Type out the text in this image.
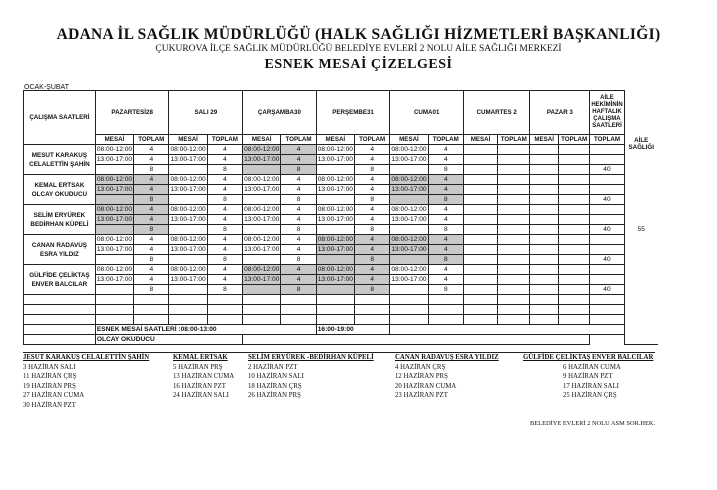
ADANA İL SAĞLIK MÜDÜRLÜĞÜ (HALK SAĞLIĞI HİZMETLERİ BAŞKANLIĞI)
ÇUKUROVA İLÇE SAĞLIK MÜDÜRLÜĞÜ BELEDİYE EVLERİ 2 NOLU AİLE SAĞLIĞI MERKEZİ
ESNEK MESAİ ÇİZELGESİ
OCAK-ŞUBAT
ÇALIŞMA SAATLERİ	PAZARTESİ28		SALI 29		ÇARŞAMBA30		PERŞEMBE31		CUMA01		CUMARTES 2		PAZAR 3		AİLE HEKİMİNİN HAFTALIK ÇALIŞMA SAATLERİ	AİLE SAĞLIĞI
55

	MESAİ	TOPLAM	MESAİ	TOPLAM	MESAİ	TOPLAM	MESAİ	TOPLAM	MESAİ	TOPLAM	MESAİ	TOPLAM	MESAİ	TOPLAM	TOPLAM	
MESUT KARAKUŞ CELALETTİN ŞAHİN	08:00-12:00	4	08:00-12:00	4	08:00-12:00	4	08:00-12:00	4	08:00-12:00	4						
	13:00-17:00	4	13:00-17:00	4	13:00-17:00	4	13:00-17:00	4	13:00-17:00	4						
		8		8		8		8		8					40	
KEMAL ERTSAK OLCAY OKUDUCU	08:00-12:00	4	08:00-12:00	4	08:00-12:00	4	08:00-12:00	4	08:00-12:00	4						
	13:00-17:00	4	13:00-17:00	4	13:00-17:00	4	13:00-17:00	4	13:00-17:00	4						
		8		8		8		8		8					40	
SELİM ERYÜREK BEDİRHAN KÜPELİ	08:00-12:00	4	08:00-12:00	4	08:00-12:00	4	08:00-12:00	4	08:00-12:00	4						
	13:00-17:00	4	13:00-17:00	4	13:00-17:00	4	13:00-17:00	4	13:00-17:00	4						
		8		8		8		8		8					40	
CANAN RADAVUŞ ESRA YILDIZ	08:00-12:00	4	08:00-12:00	4	08:00-12:00	4	08:00-12:00	4	08:00-12:00	4						
	13:00-17:00	4	13:00-17:00	4	13:00-17:00	4	13:00-17:00	4	13:00-17:00	4						
		8		8		8		8		8					40	
GÜLFİDE ÇELİKTAŞ ENVER BALCILAR	08:00-12:00	4	08:00-12:00	4	08:00-12:00	4	08:00-12:00	4	08:00-12:00	4						
	13:00-17:00	4	13:00-17:00	4	13:00-17:00	4	13:00-17:00	4	13:00-17:00	4						
		8		8		8		8		8					40	

	ESNEK MESAİ SAATLERİ :08:00-13:00						16:00-19:00									
	OLCAY OKUDUCU															
JESUT KARAKUŞ CELALETTİN ŞAHİN
3 HAZİRAN SALI
11 HAZİRAN ÇRŞ
19 HAZİRAN PRŞ
27 HAZİRAN CUMA
30 HAZİRAN PZT
KEMAL ERTSAK
5 HAZİRAN PRŞ
13 HAZİRAN CUMA
16 HAZİRAN PZT
24 HAZİRAN SALI
SELİM ERYÜREK -BEDİRHAN KÜPELİ
2 HAZİRAN PZT
10 HAZİRAN SALI
18 HAZİRAN ÇRŞ
26 HAZİRAN PRŞ
CANAN RADAVUŞ ESRA YILDIZ
4 HAZİRAN ÇRŞ
12 HAZİRAN PRŞ
20 HAZİRAN CUMA
23 HAZİRAN PZT
GÜLFİDE ÇELİKTAŞ ENVER BALCILAR
6 HAZİRAN CUMA
9 HAZİRAN PZT
17 HAZİRAN SALI
25 HAZİRAN ÇRŞ
BELEDİYE EVLERİ 2 NOLU ASM SOR.HEK.
